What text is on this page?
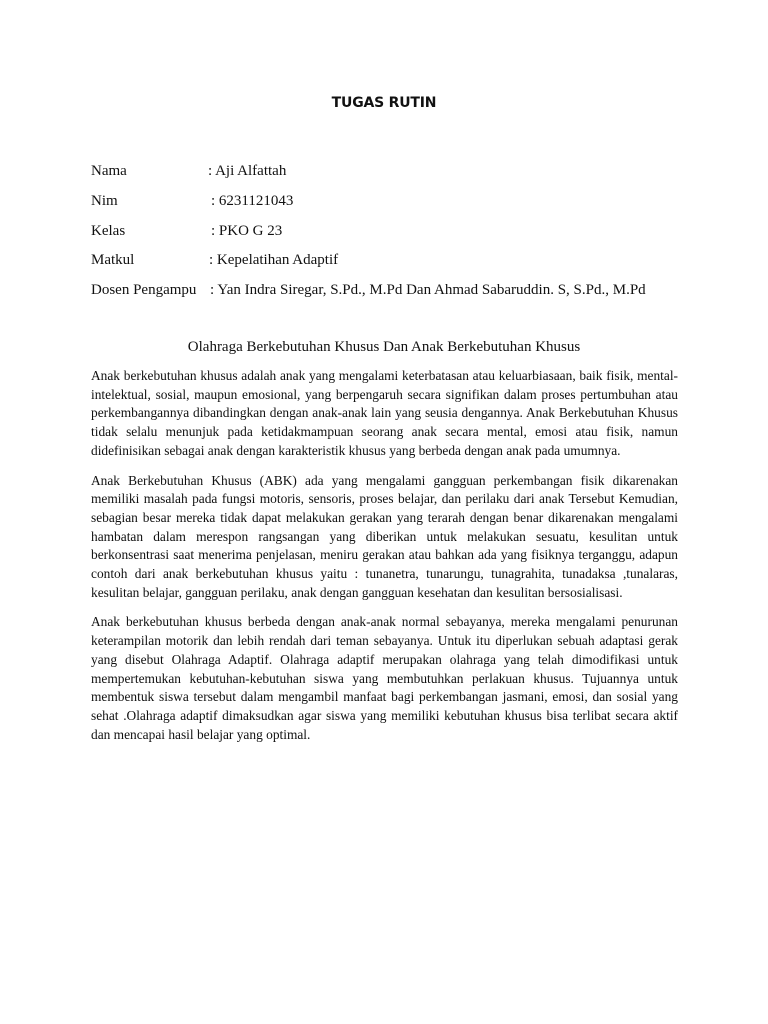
TUGAS RUTIN
Nama	: Aji Alfattah
Nim	: 6231121043
Kelas	: PKO G 23
Matkul	: Kepelatihan Adaptif
Dosen Pengampu : Yan Indra Siregar, S.Pd., M.Pd Dan Ahmad Sabaruddin. S, S.Pd., M.Pd
Olahraga Berkebutuhan Khusus Dan Anak Berkebutuhan Khusus

Anak berkebutuhan khusus adalah anak yang mengalami keterbatasan atau keluarbiasaan, baik fisik, mental-intelektual, sosial, maupun emosional, yang berpengaruh secara signifikan dalam proses pertumbuhan atau perkembangannya dibandingkan dengan anak-anak lain yang seusia dengannya. Anak Berkebutuhan Khusus tidak selalu menunjuk pada ketidakmampuan seorang anak secara mental, emosi atau fisik, namun didefinisikan sebagai anak dengan karakteristik khusus yang berbeda dengan anak pada umumnya.

Anak Berkebutuhan Khusus (ABK) ada yang mengalami gangguan perkembangan fisik dikarenakan memiliki masalah pada fungsi motoris, sensoris, proses belajar, dan perilaku dari anak Tersebut Kemudian, sebagian besar mereka tidak dapat melakukan gerakan yang terarah dengan benar dikarenakan mengalami hambatan dalam merespon rangsangan yang diberikan untuk melakukan sesuatu, kesulitan untuk berkonsentrasi saat menerima penjelasan, meniru gerakan atau bahkan ada yang fisiknya terganggu, adapun contoh dari anak berkebutuhan khusus yaitu : tunanetra, tunarungu, tunagrahita, tunadaksa ,tunalaras, kesulitan belajar, gangguan perilaku, anak dengan gangguan kesehatan dan kesulitan bersosialisasi.

Anak berkebutuhan khusus berbeda dengan anak-anak normal sebayanya, mereka mengalami penurunan keterampilan motorik dan lebih rendah dari teman sebayanya. Untuk itu diperlukan sebuah adaptasi gerak yang disebut Olahraga Adaptif. Olahraga adaptif merupakan olahraga yang telah dimodifikasi untuk mempertemukan kebutuhan-kebutuhan siswa yang membutuhkan perlakuan khusus. Tujuannya untuk membentuk siswa tersebut dalam mengambil manfaat bagi perkembangan jasmani, emosi, dan sosial yang sehat .Olahraga adaptif dimaksudkan agar siswa yang memiliki kebutuhan khusus bisa terlibat secara aktif dan mencapai hasil belajar yang optimal.
